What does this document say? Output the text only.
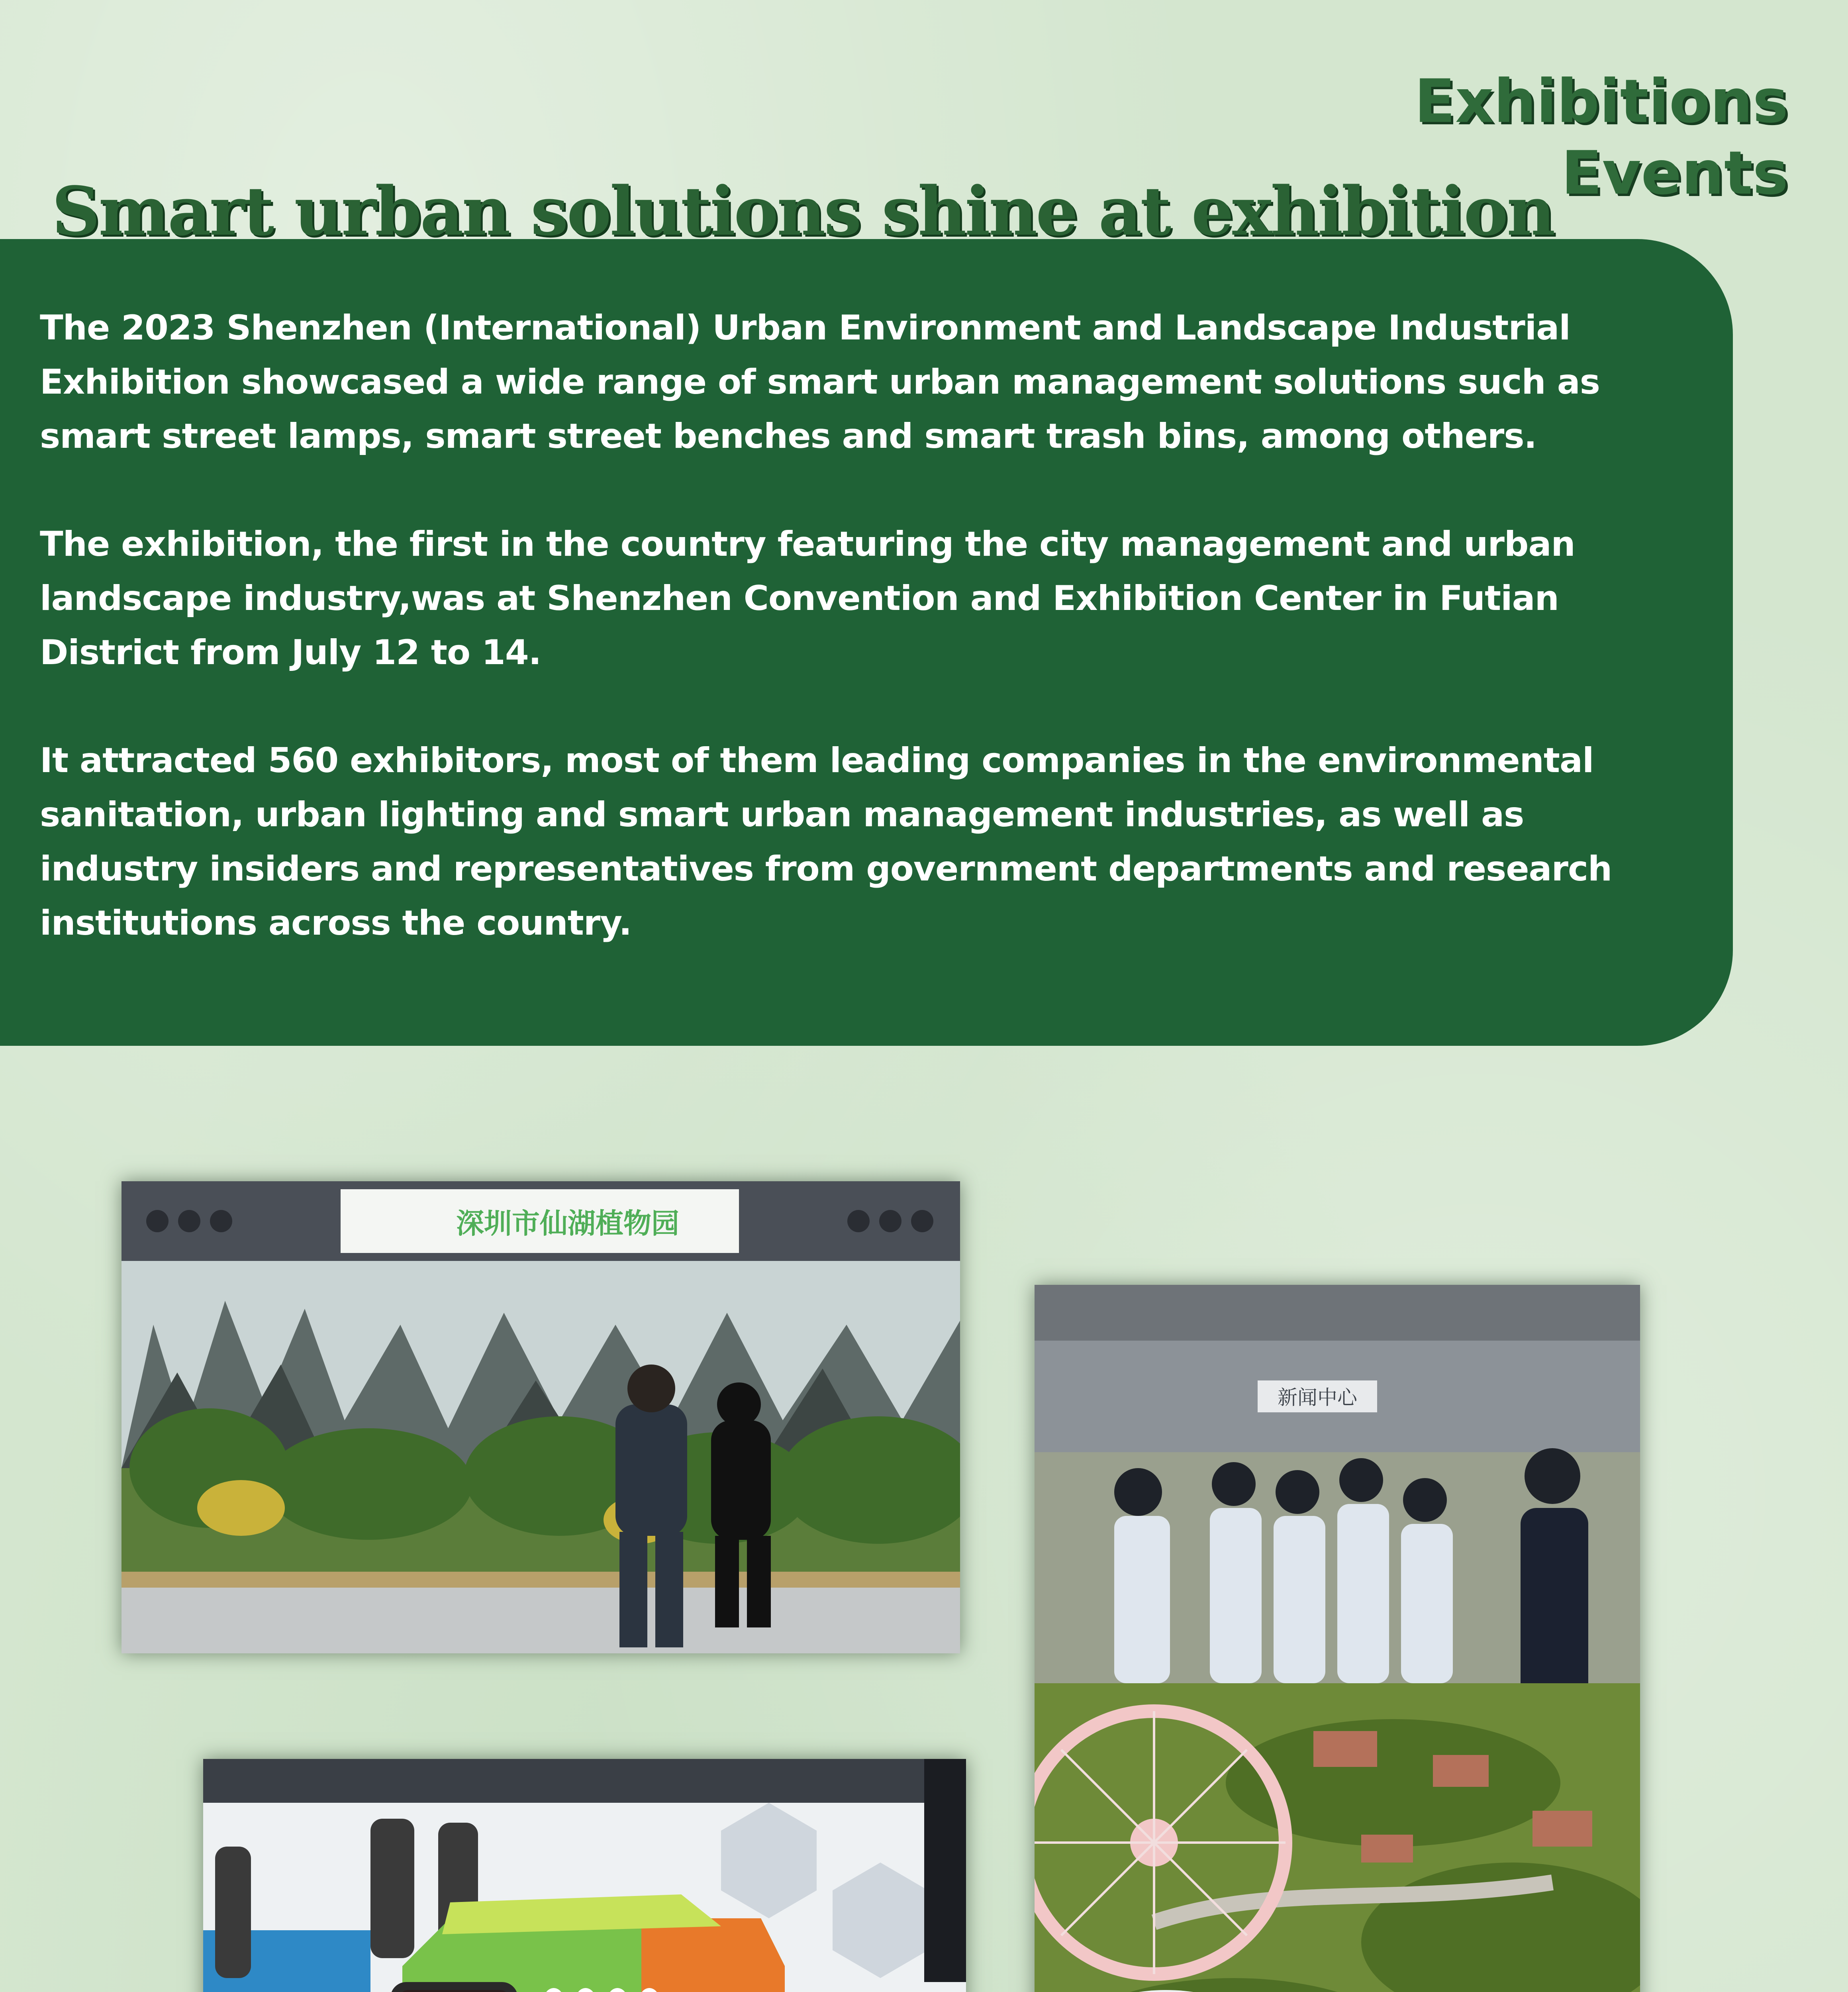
Exhibitions
Events
Smart urban solutions shine at exhibition

The 2023 Shenzhen (International) Urban Environment and Landscape Industrial Exhibition showcased a wide range of smart urban management solutions such as smart street lamps, smart street benches and smart trash bins, among others.

The exhibition, the first in the country featuring the city management and urban landscape industry,was at Shenzhen Convention and Exhibition Center in Futian District from July 12 to 14.

It attracted 560 exhibitors, most of them leading companies in the environmental sanitation, urban lighting and smart urban management industries, as well as industry insiders and representatives from government departments and research institutions across the country.

深圳市仙湖植物园
新闻中心
